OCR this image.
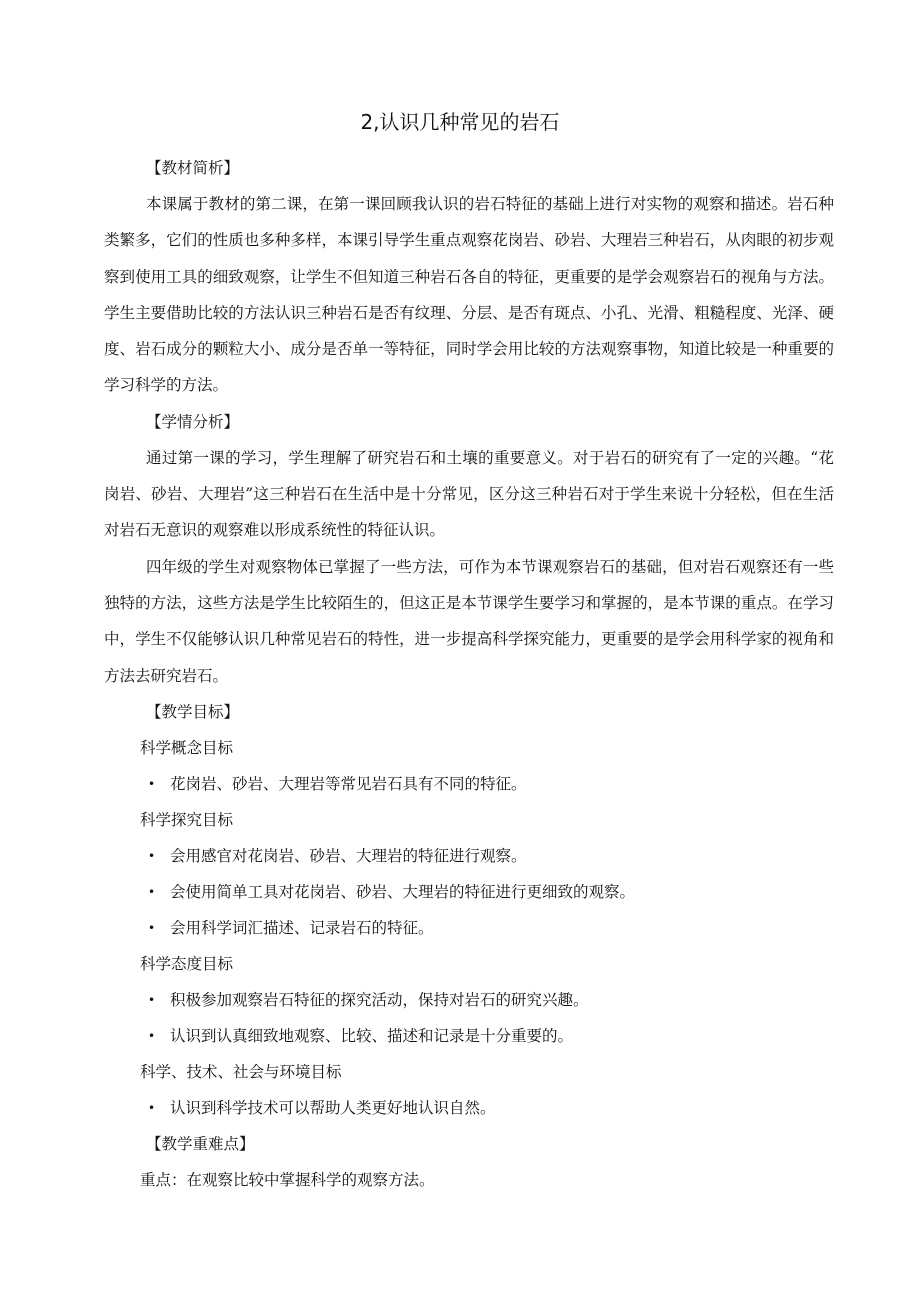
2,认识几种常见的岩石
【教材简析】

本课属于教材的第二课，在第一课回顾我认识的岩石特征的基础上进行对实物的观察和描述。岩石种类繁多，它们的性质也多种多样，本课引导学生重点观察花岗岩、砂岩、大理岩三种岩石，从肉眼的初步观察到使用工具的细致观察，让学生不但知道三种岩石各自的特征，更重要的是学会观察岩石的视角与方法。学生主要借助比较的方法认识三种岩石是否有纹理、分层、是否有斑点、小孔、光滑、粗糙程度、光泽、硬度、岩石成分的颗粒大小、成分是否单一等特征，同时学会用比较的方法观察事物，知道比较是一种重要的学习科学的方法。

【学情分析】

通过第一课的学习，学生理解了研究岩石和土壤的重要意义。对于岩石的研究有了一定的兴趣。“花岗岩、砂岩、大理岩”这三种岩石在生活中是十分常见，区分这三种岩石对于学生来说十分轻松，但在生活对岩石无意识的观察难以形成系统性的特征认识。

四年级的学生对观察物体已掌握了一些方法，可作为本节课观察岩石的基础，但对岩石观察还有一些独特的方法，这些方法是学生比较陌生的，但这正是本节课学生要学习和掌握的，是本节课的重点。在学习中，学生不仅能够认识几种常见岩石的特性，进一步提高科学探究能力，更重要的是学会用科学家的视角和方法去研究岩石。

【教学目标】
科学概念目标
• 花岗岩、砂岩、大理岩等常见岩石具有不同的特征。
科学探究目标
• 会用感官对花岗岩、砂岩、大理岩的特征进行观察。
• 会使用简单工具对花岗岩、砂岩、大理岩的特征进行更细致的观察。
• 会用科学词汇描述、记录岩石的特征。
科学态度目标
• 积极参加观察岩石特征的探究活动，保持对岩石的研究兴趣。
• 认识到认真细致地观察、比较、描述和记录是十分重要的。
科学、技术、社会与环境目标
• 认识到科学技术可以帮助人类更好地认识自然。
【教学重难点】
重点：在观察比较中掌握科学的观察方法。
